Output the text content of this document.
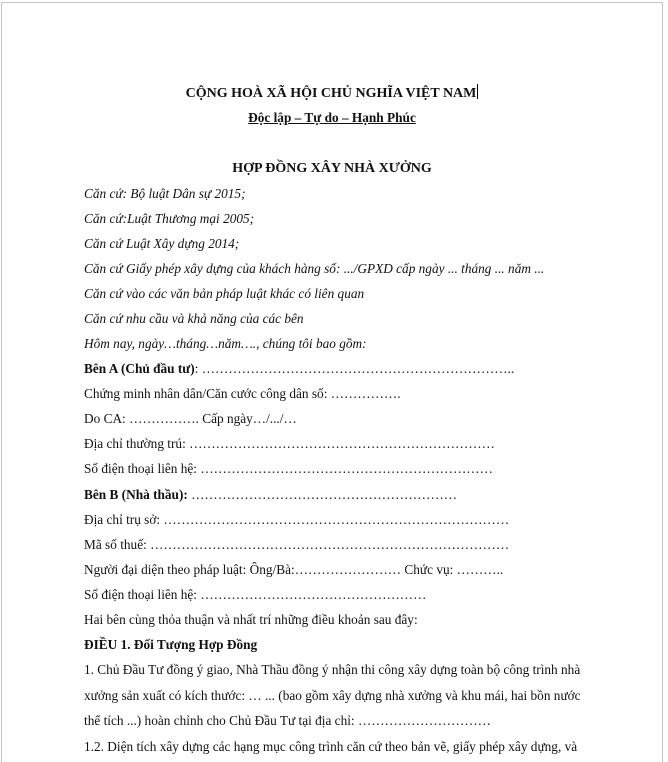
CỘNG HOÀ XÃ HỘI CHỦ NGHĨA VIỆT NAM
Độc lập – Tự do – Hạnh Phúc
HỢP ĐỒNG XÂY NHÀ XƯỞNG
Căn cứ: Bộ luật Dân sự 2015;
Căn cứ:Luật Thương mại 2005;
Căn cứ Luật Xây dựng 2014;
Căn cứ Giấy phép xây dựng của khách hàng số: .../GPXD cấp ngày ... tháng ... năm ...
Căn cứ vào các văn bản pháp luật khác có liên quan
Căn cứ nhu cầu và khả năng của các bên
Hôm nay, ngày…tháng…năm…., chúng tôi bao gồm:
Bên A (Chủ đầu tư): ……………………………………………………………..
Chứng minh nhân dân/Căn cước công dân số: …………….
Do CA: ……………. Cấp ngày…/.../…
Địa chỉ thường trú: ……………………………………………………………
Số điện thoại liên hệ: …………………………………………………………
Bên B (Nhà thầu): ……………………………………………………
Địa chỉ trụ sở: ……………………………………………………………………
Mã số thuế: ………………………………………………………………………
Người đại diện theo pháp luật: Ông/Bà:…………………… Chức vụ: ………..
Số điện thoại liên hệ: ……………………………………………
Hai bên cùng thỏa thuận và nhất trí những điều khoản sau đây:
ĐIỀU 1. Đối Tượng Hợp Đồng
1. Chủ Đầu Tư đồng ý giao, Nhà Thầu đồng ý nhận thi công xây dựng toàn bộ công trình nhà
xưởng sản xuất có kích thước: … ... (bao gồm xây dựng nhà xưởng và khu mái, hai bồn nước
thể tích ...) hoàn chỉnh cho Chủ Đầu Tư tại địa chỉ: …………………………
1.2. Diện tích xây dựng các hạng mục công trình căn cứ theo bản vẽ, giấy phép xây dựng, và
